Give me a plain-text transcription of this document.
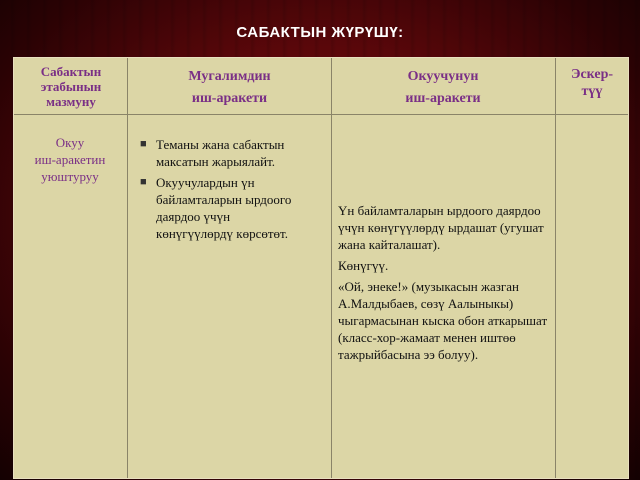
САБАКТЫН ЖҮРҮШҮ:
Сабактын
этабынын
мазмуну
Мугалимдин
иш-аракети
Окуучунун
иш-аракети
Эскер-
түү
Окуу
иш-аракетин
уюштуруу
■ Теманы жана сабактын максатын жарыялайт.
■ Окуучулардын үн байламталарын ырдоого даярдоо үчүн көнүгүүлөрдү көрсөтөт.
Үн байламталарын ырдоого даярдоо үчүн көнүгүүлөрдү ырдашат (угушат жана кайталашат).
Көнүгүү.
«Ой, энеке!» (музыкасын жазган А.Малдыбаев, сөзү Аалыныкы) чыгармасынан кыска обон аткарышат (класс-хор-жамаат менен иштөө тажрыйбасына ээ болуу).
